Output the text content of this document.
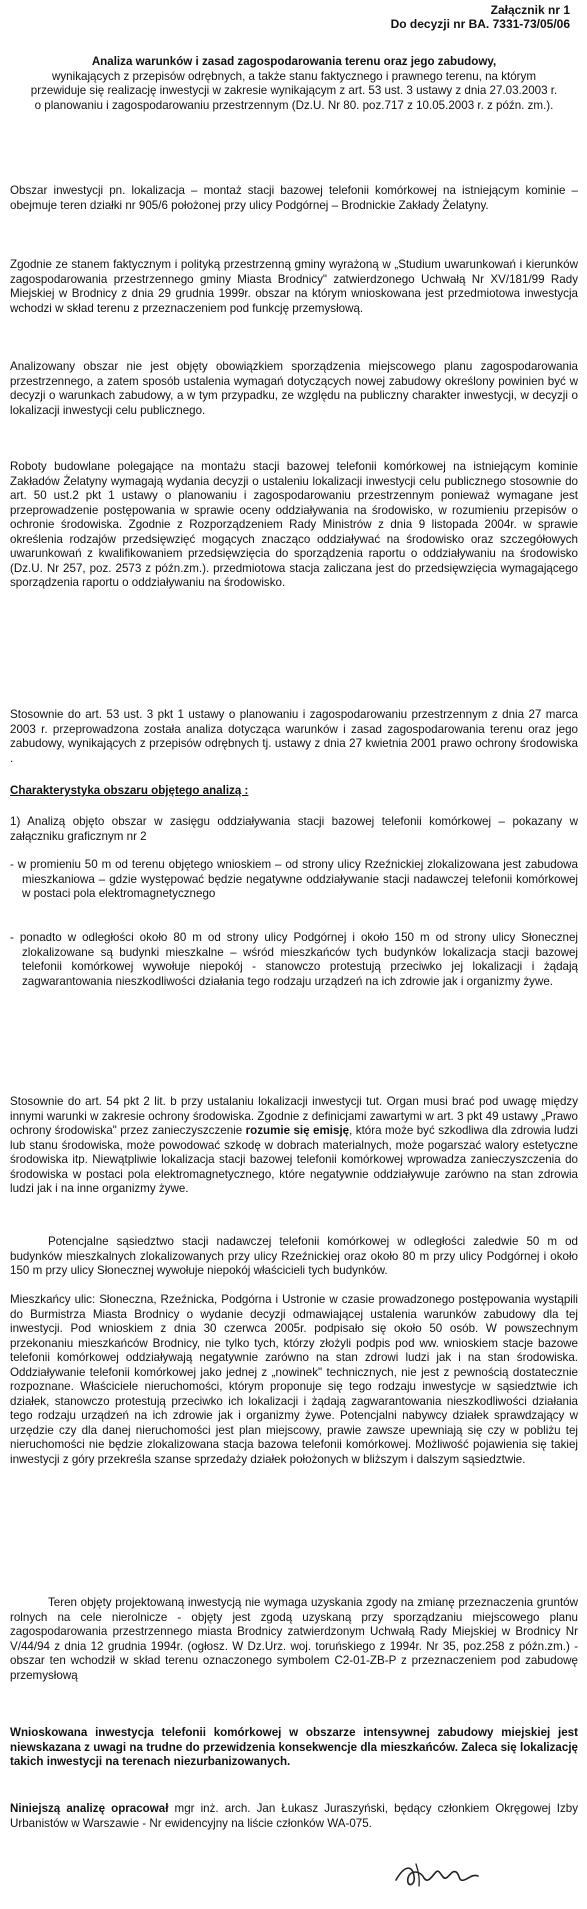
Załącznik nr 1
Do decyzji nr BA. 7331-73/05/06
Analiza warunków i zasad zagospodarowania terenu oraz jego zabudowy,
wynikających z przepisów odrębnych, a także stanu faktycznego i prawnego terenu, na którym przewiduje się realizację inwestycji w zakresie wynikającym z art. 53 ust. 3 ustawy z dnia 27.03.2003 r. o planowaniu i zagospodarowaniu przestrzennym (Dz.U. Nr 80. poz.717 z 10.05.2003 r. z późn. zm.).
Obszar inwestycji pn. lokalizacja – montaż stacji bazowej telefonii komórkowej na istniejącym kominie – obejmuje teren działki nr 905/6 położonej przy ulicy Podgórnej – Brodnickie Zakłady Żelatyny.
Zgodnie ze stanem faktycznym i polityką przestrzenną gminy wyrażoną w „Studium uwarunkowań i kierunków zagospodarowania przestrzennego gminy Miasta Brodnicy" zatwierdzonego Uchwałą Nr XV/181/99 Rady Miejskiej w Brodnicy z dnia 29 grudnia 1999r. obszar na którym wnioskowana jest przedmiotowa inwestycja wchodzi w skład terenu z przeznaczeniem pod funkcję przemysłową.
Analizowany obszar nie jest objęty obowiązkiem sporządzenia miejscowego planu zagospodarowania przestrzennego, a zatem sposób ustalenia wymagań dotyczących nowej zabudowy określony powinien być w decyzji o warunkach zabudowy, a w tym przypadku, ze względu na publiczny charakter inwestycji, w decyzji o lokalizacji inwestycji celu publicznego.
Roboty budowlane polegające na montażu stacji bazowej telefonii komórkowej na istniejącym kominie Zakładów Żelatyny wymagają wydania decyzji o ustaleniu lokalizacji inwestycji celu publicznego stosownie do art. 50 ust.2 pkt 1 ustawy o planowaniu i zagospodarowaniu przestrzennym ponieważ wymagane jest przeprowadzenie postępowania w sprawie oceny oddziaływania na środowisko, w rozumieniu przepisów o ochronie środowiska. Zgodnie z Rozporządzeniem Rady Ministrów z dnia 9 listopada 2004r. w sprawie określenia rodzajów przedsięwzięć mogących znacząco oddziaływać na środowisko oraz szczegółowych uwarunkowań z kwalifikowaniem przedsięwzięcia do sporządzenia raportu o oddziaływaniu na środowisko (Dz.U. Nr 257, poz. 2573 z późn.zm.). przedmiotowa stacja zaliczana jest do przedsięwzięcia wymagającego sporządzenia raportu o oddziaływaniu na środowisko.
Stosownie do art. 53 ust. 3 pkt 1 ustawy o planowaniu i zagospodarowaniu przestrzennym z dnia 27 marca 2003 r. przeprowadzona została analiza dotycząca warunków i zasad zagospodarowania terenu oraz jego zabudowy, wynikających z przepisów odrębnych tj. ustawy z dnia 27 kwietnia 2001 prawo ochrony środowiska .
Charakterystyka obszaru objętego analizą :
1) Analizą objęto obszar w zasięgu oddziaływania stacji bazowej telefonii komórkowej – pokazany w załączniku graficznym nr 2
- w promieniu 50 m od terenu objętego wnioskiem – od strony ulicy Rzeźnickiej zlokalizowana jest zabudowa mieszkaniowa – gdzie występować będzie negatywne oddziaływanie stacji nadawczej telefonii komórkowej w postaci pola elektromagnetycznego
- ponadto w odległości około 80 m od strony ulicy Podgórnej i około 150 m od strony ulicy Słonecznej zlokalizowane są budynki mieszkalne – wśród mieszkańców tych budynków lokalizacja stacji bazowej telefonii komórkowej wywołuje niepokój - stanowczo protestują przeciwko jej lokalizacji i żądają zagwarantowania nieszkodliwości działania tego rodzaju urządzeń na ich zdrowie jak i organizmy żywe.
Stosownie do art. 54 pkt 2 lit. b przy ustalaniu lokalizacji inwestycji tut. Organ musi brać pod uwagę między innymi warunki w zakresie ochrony środowiska. Zgodnie z definicjami zawartymi w art. 3 pkt 49 ustawy „Prawo ochrony środowiska" przez zanieczyszczenie rozumie się emisję, która może być szkodliwa dla zdrowia ludzi lub stanu środowiska, może powodować szkodę w dobrach materialnych, może pogarszać walory estetyczne środowiska itp. Niewątpliwie lokalizacja stacji bazowej telefonii komórkowej wprowadza zanieczyszczenia do środowiska w postaci pola elektromagnetycznego, które negatywnie oddziaływuje zarówno na stan zdrowia ludzi jak i na inne organizmy żywe.
Potencjalne sąsiedztwo stacji nadawczej telefonii komórkowej w odległości zaledwie 50 m od budynków mieszkalnych zlokalizowanych przy ulicy Rzeźnickiej oraz około 80 m przy ulicy Podgórnej i około 150 m przy ulicy Słonecznej wywołuje niepokój właścicieli tych budynków.
Mieszkańcy ulic: Słoneczna, Rzeźnicka, Podgórna i Ustronie w czasie prowadzonego postępowania wystąpili do Burmistrza Miasta Brodnicy o wydanie decyzji odmawiającej ustalenia warunków zabudowy dla tej inwestycji. Pod wnioskiem z dnia 30 czerwca 2005r. podpisało się około 50 osób. W powszechnym przekonaniu mieszkańców Brodnicy, nie tylko tych, którzy złożyli podpis pod ww. wnioskiem stacje bazowe telefonii komórkowej oddziaływają negatywnie zarówno na stan zdrowi ludzi jak i na stan środowiska. Oddziaływanie telefonii komórkowej jako jednej z „nowinek" technicznych, nie jest z pewnością dostatecznie rozpoznane. Właściciele nieruchomości, którym proponuje się tego rodzaju inwestycje w sąsiedztwie ich działek, stanowczo protestują przeciwko ich lokalizacji i żądają zagwarantowania nieszkodliwości działania tego rodzaju urządzeń na ich zdrowie jak i organizmy żywe. Potencjalni nabywcy działek sprawdzający w urzędzie czy dla danej nieruchomości jest plan miejscowy, prawie zawsze upewniają się czy w pobliżu tej nieruchomości nie będzie zlokalizowana stacja bazowa telefonii komórkowej. Możliwość pojawienia się takiej inwestycji z góry przekreśla szanse sprzedaży działek położonych w bliższym i dalszym sąsiedztwie.
Teren objęty projektowaną inwestycją nie wymaga uzyskania zgody na zmianę przeznaczenia gruntów rolnych na cele nierolnicze - objęty jest zgodą uzyskaną przy sporządzaniu miejscowego planu zagospodarowania przestrzennego miasta Brodnicy zatwierdzonym Uchwałą Rady Miejskiej w Brodnicy Nr V/44/94 z dnia 12 grudnia 1994r. (ogłosz. W Dz.Urz. woj. toruńskiego z 1994r. Nr 35, poz.258 z późn.zm.) - obszar ten wchodził w skład terenu oznaczonego symbolem C2-01-ZB-P z przeznaczeniem pod zabudowę przemysłową
Wnioskowana inwestycja telefonii komórkowej w obszarze intensywnej zabudowy miejskiej jest niewskazana z uwagi na trudne do przewidzenia konsekwencje dla mieszkańców. Zaleca się lokalizację takich inwestycji na terenach niezurbanizowanych.
Niniejszą analizę opracował mgr inż. arch. Jan Łukasz Juraszyński, będący członkiem Okręgowej Izby Urbanistów w Warszawie - Nr ewidencyjny na liście członków WA-075.
